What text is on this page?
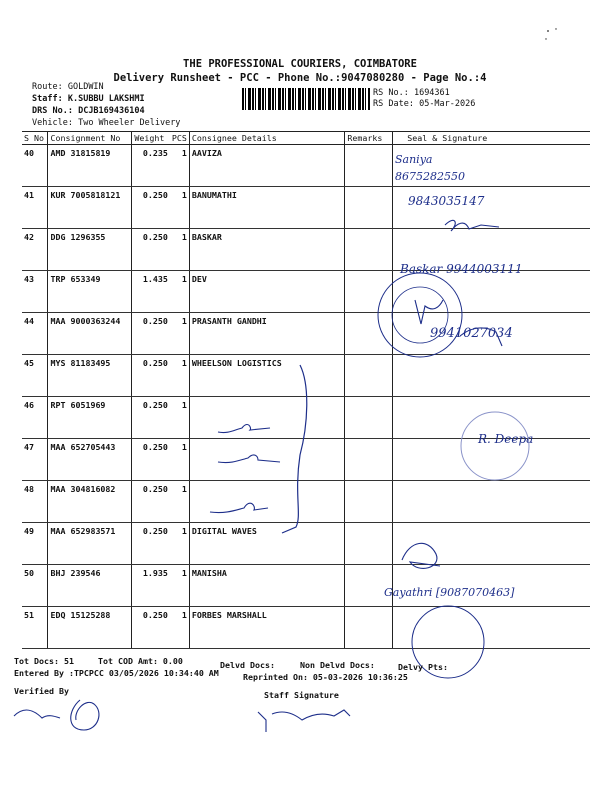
THE PROFESSIONAL COURIERS, COIMBATORE
Delivery Runsheet - PCC - Phone No.:9047080280 - Page No.:4
Route: GOLDWIN
Staff: K.SUBBU LAKSHMI
DRS No.: DCJB169436104
Vehicle: Two Wheeler Delivery
RS No.: 1694361
RS Date: 05-Mar-2026
S No	Consignment No	Weight	PCS	Consignee Details	Remarks	Seal & Signature
40	AMD 31815819	0.235	1	AAVIZA		
41	KUR 7005818121	0.250	1	BANUMATHI		
42	DDG 1296355	0.250	1	BASKAR		
43	TRP 653349	1.435	1	DEV		
44	MAA 9000363244	0.250	1	PRASANTH GANDHI		
45	MYS 81183495	0.250	1	WHEELSON LOGISTICS		
46	RPT 6051969	0.250	1			
47	MAA 652705443	0.250	1			
48	MAA 304816082	0.250	1			
49	MAA 652983571	0.250	1	DIGITAL WAVES		
50	BHJ 239546	1.935	1	MANISHA		
51	EDQ 15125288	0.250	1	FORBES MARSHALL		
Saniya
8675282550
9843035147
Baskar 9944003111
9941027034
R. Deepa
Gayathri [9087070463]
Tot Docs: 51	Tot COD Amt: 0.00	Delvd Docs:	Non Delvd Docs:	Delvy Pts:
Entered By :TPCPCC 03/05/2026 10:34:40 AM	Reprinted On: 05-03-2026 10:36:25
Verified By	Staff Signature
